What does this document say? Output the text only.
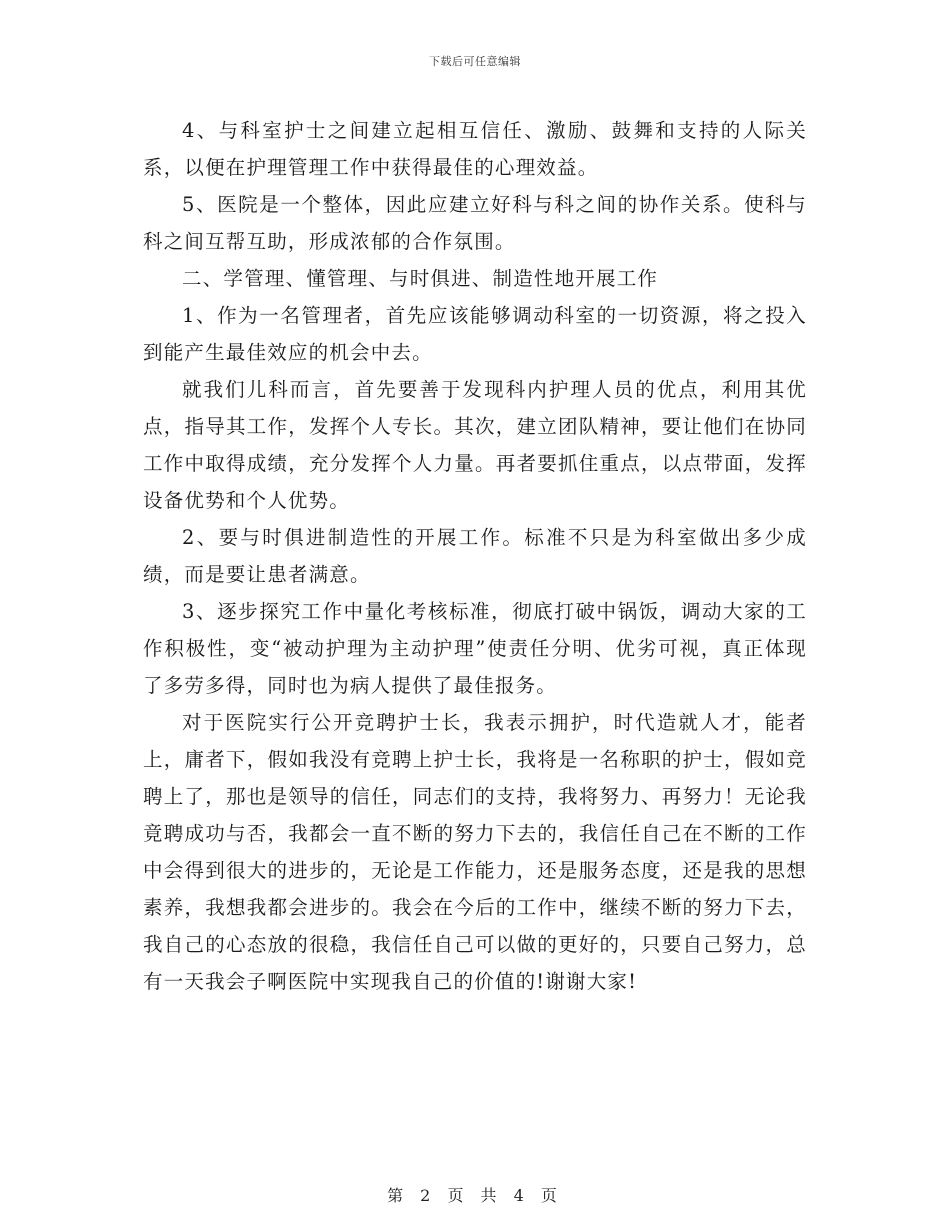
下载后可任意编辑

4、与科室护士之间建立起相互信任、激励、鼓舞和支持的人际关系，以便在护理管理工作中获得最佳的心理效益。

5、医院是一个整体，因此应建立好科与科之间的协作关系。使科与科之间互帮互助，形成浓郁的合作氛围。

二、学管理、懂管理、与时俱进、制造性地开展工作

1、作为一名管理者，首先应该能够调动科室的一切资源，将之投入到能产生最佳效应的机会中去。

就我们儿科而言，首先要善于发现科内护理人员的优点，利用其优点，指导其工作，发挥个人专长。其次，建立团队精神，要让他们在协同工作中取得成绩，充分发挥个人力量。再者要抓住重点，以点带面，发挥设备优势和个人优势。

2、要与时俱进制造性的开展工作。标准不只是为科室做出多少成绩，而是要让患者满意。

3、逐步探究工作中量化考核标准，彻底打破中锅饭，调动大家的工作积极性，变“被动护理为主动护理”使责任分明、优劣可视，真正体现了多劳多得，同时也为病人提供了最佳报务。

对于医院实行公开竞聘护士长，我表示拥护，时代造就人才，能者上，庸者下，假如我没有竞聘上护士长，我将是一名称职的护士，假如竞聘上了，那也是领导的信任，同志们的支持，我将努力、再努力！无论我竟聘成功与否，我都会一直不断的努力下去的，我信任自己在不断的工作中会得到很大的进步的，无论是工作能力，还是服务态度，还是我的思想素养，我想我都会进步的。我会在今后的工作中，继续不断的努力下去，我自己的心态放的很稳，我信任自己可以做的更好的，只要自己努力，总有一天我会子啊医院中实现我自己的价值的!谢谢大家!

第 2 页 共 4 页
